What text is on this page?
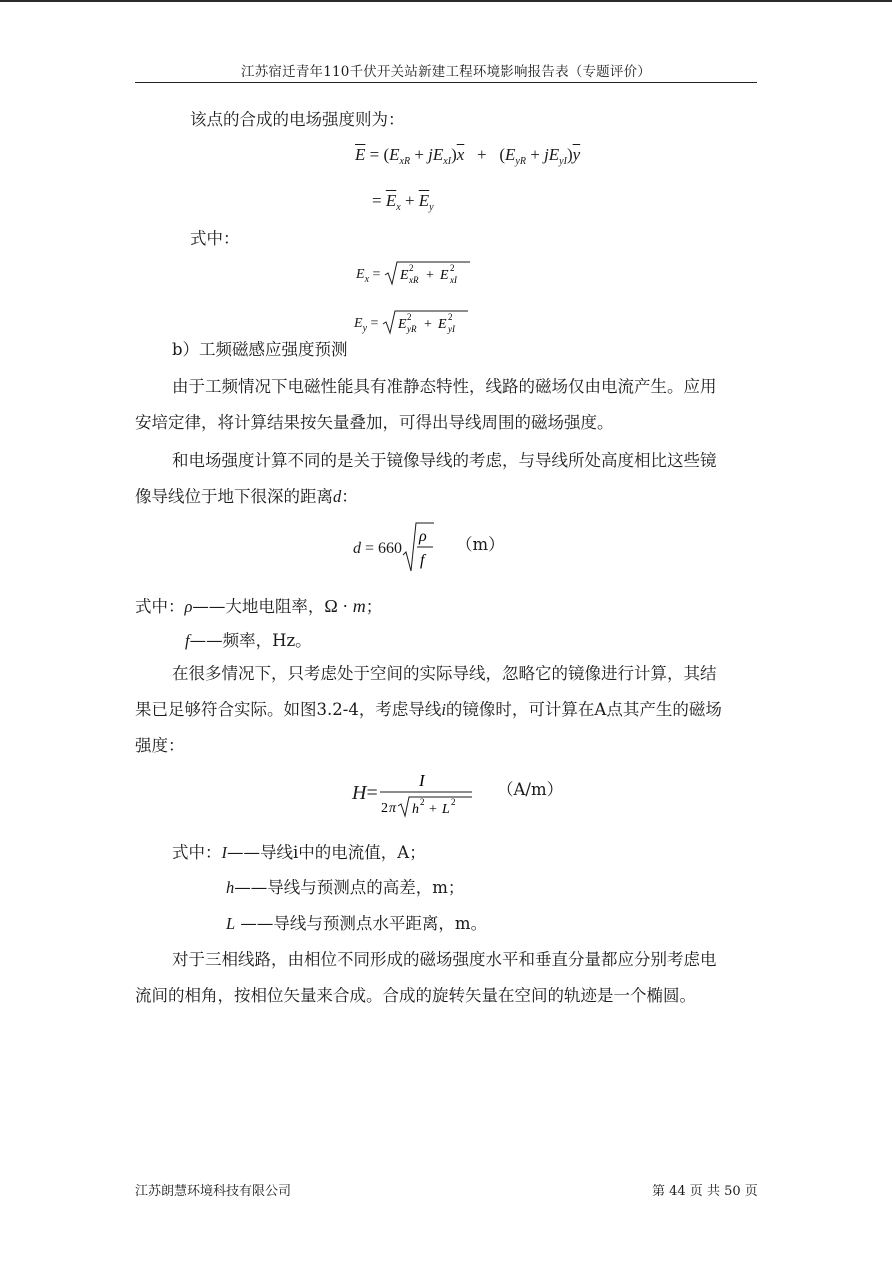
江苏宿迁青年110千伏开关站新建工程环境影响报告表（专题评价）
该点的合成的电场强度则为：
$\overline{E} = (E_{xR} + jE_{xI})\overline{x} + (E_{yR} + jE_{yI})\overline{y}$
= $\overline{E}_x + \overline{E}_y$
式中：
$E_x = E$ 2
xR + E 2
xI
$E_y = E$ 2
yR + E 2
yI
b）工频磁感应强度预测
由于工频情况下电磁性能具有准静态特性，线路的磁场仅由电流产生。应用
安培定律，将计算结果按矢量叠加，可得出导线周围的磁场强度。
和电场强度计算不同的是关于镜像导线的考虑，与导线所处高度相比这些镜
像导线位于地下很深的距离d：
d = 660
ρ
f
（m）
式中：ρ——大地电阻率，Ω · m；
f——频率，Hz。
在很多情况下，只考虑处于空间的实际导线，忽略它的镜像进行计算，其结
果已足够符合实际。如图3.2-4，考虑导线i的镜像时，可计算在A点其产生的磁场
强度：
H=
I
2 π h 2 + L 2
（A/m）
式中：I——导线i中的电流值，A；
h——导线与预测点的高差，m；
L ——导线与预测点水平距离，m。
对于三相线路，由相位不同形成的磁场强度水平和垂直分量都应分别考虑电
流间的相角，按相位矢量来合成。合成的旋转矢量在空间的轨迹是一个椭圆。
江苏朗慧环境科技有限公司	第 44 页 共 50 页
